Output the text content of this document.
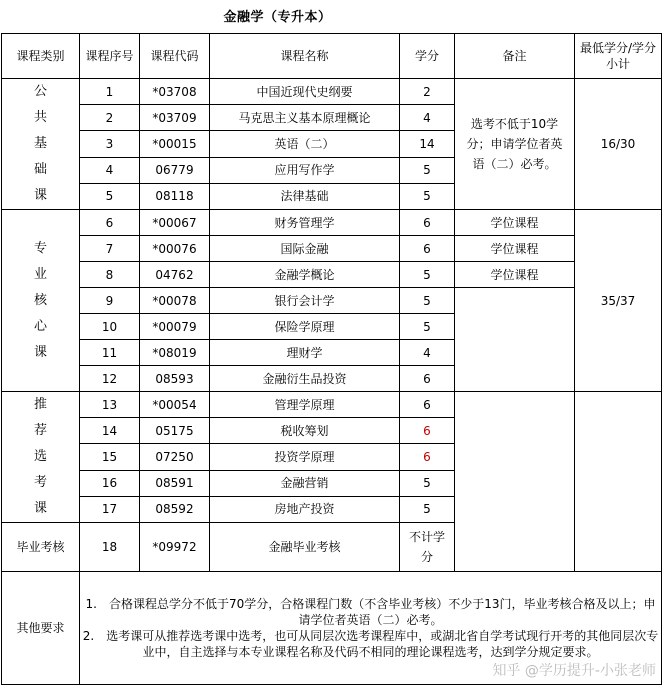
金融学（专升本）
课程类别	课程序号	课程代码	课程名称	学分	备注	最低学分/学分小计
公共基础课	1	*03708	中国近现代史纲要	2	选考不低于10学分；申请学位者英语（二）必考。	16/30
	2	*03709	马克思主义基本原理概论	4		
	3	*00015	英语（二）	14		
	4	06779	应用写作学	5		
	5	08118	法律基础	5		
专业核心课	6	*00067	财务管理学	6	学位课程	35/37
	7	*00076	国际金融	6	学位课程	
	8	04762	金融学概论	5	学位课程	
	9	*00078	银行会计学	5		
	10	*00079	保险学原理	5		
	11	*08019	理财学	4		
	12	08593	金融衍生品投资	6		
推荐选考课	13	*00054	管理学原理	6		
	14	05175	税收筹划	6		
	15	07250	投资学原理	6		
	16	08591	金融营销	5		
	17	08592	房地产投资	5		
毕业考核	18	*09972	金融毕业考核	不计学分		
其他要求	1.　合格课程总学分不低于70学分，合格课程门数（不含毕业考核）不少于13门，毕业考核合格及以上；申请学位者英语（二）必考。
2.　选考课可从推荐选考课中选考，也可从同层次选考课程库中，或湖北省自学考试现行开考的其他同层次专业中，自主选择与本专业课程名称及代码不相同的理论课程选考，达到学分规定要求。					
知乎 @学历提升-小张老师
